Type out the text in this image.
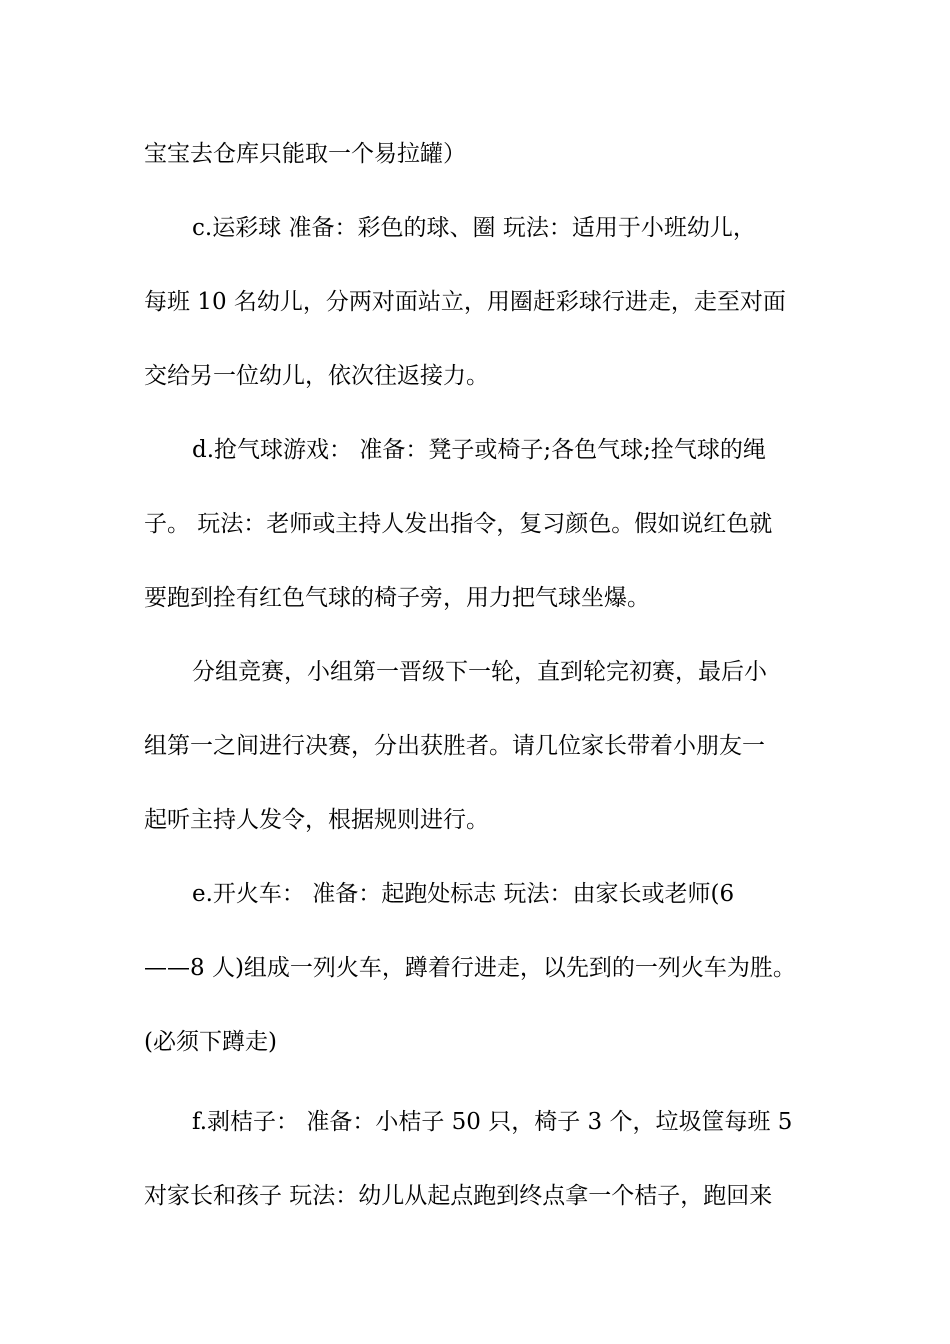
宝宝去仓库只能取一个易拉罐）
c.运彩球 准备：彩色的球、圈 玩法：适用于小班幼儿，
每班 10 名幼儿，分两对面站立，用圈赶彩球行进走，走至对面
交给另一位幼儿，依次往返接力。
d.抢气球游戏： 准备：凳子或椅子;各色气球;拴气球的绳
子。 玩法：老师或主持人发出指令，复习颜色。假如说红色就
要跑到拴有红色气球的椅子旁，用力把气球坐爆。
分组竞赛，小组第一晋级下一轮，直到轮完初赛，最后小
组第一之间进行决赛，分出获胜者。请几位家长带着小朋友一
起听主持人发令，根据规则进行。
e.开火车： 准备：起跑处标志 玩法：由家长或老师(6
——8 人)组成一列火车，蹲着行进走，以先到的一列火车为胜。
(必须下蹲走)
f.剥桔子： 准备：小桔子 50 只，椅子 3 个，垃圾筐每班 5
对家长和孩子 玩法：幼儿从起点跑到终点拿一个桔子，跑回来
